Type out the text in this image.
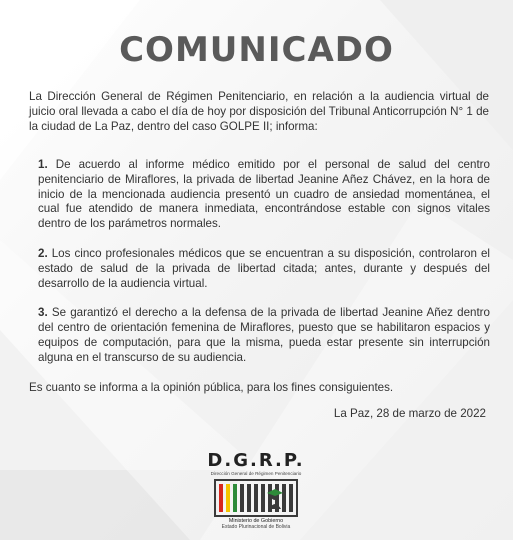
COMUNICADO
La Dirección General de Régimen Penitenciario, en relación a la audiencia virtual de juicio oral llevada a cabo el día de hoy por disposición del Tribunal Anticorrupción N° 1 de la ciudad de La Paz, dentro del caso GOLPE II; informa:
1. De acuerdo al informe médico emitido por el personal de salud del centro penitenciario de Miraflores, la privada de libertad Jeanine Añez Chávez, en la hora de inicio de la mencionada audiencia presentó un cuadro de ansiedad momentánea, el cual fue atendido de manera inmediata, encontrándose estable con signos vitales dentro de los parámetros normales.
2. Los cinco profesionales médicos que se encuentran a su disposición, controlaron el estado de salud de la privada de libertad citada; antes, durante y después del desarrollo de la audiencia virtual.
3. Se garantizó el derecho a la defensa de la privada de libertad Jeanine Añez dentro del centro de orientación femenina de Miraflores, puesto que se habilitaron espacios y equipos de computación, para que la misma, pueda estar presente sin interrupción alguna en el transcurso de su audiencia.
Es cuanto se informa a la opinión pública, para los fines consiguientes.
La Paz, 28 de marzo de 2022
D.G.R.P.
Dirección General de Régimen Penitenciario
Ministerio de Gobierno
Estado Plurinacional de Bolivia
